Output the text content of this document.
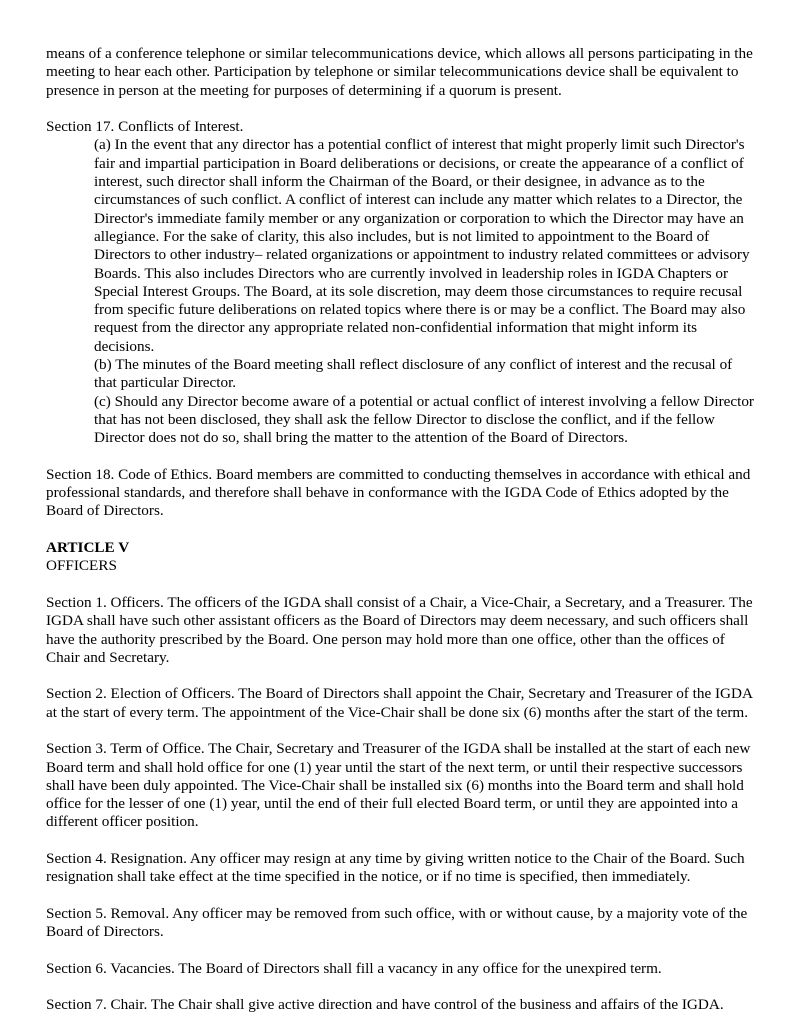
means of a conference telephone or similar telecommunications device, which allows all persons participating in the meeting to hear each other. Participation by telephone or similar telecommunications device shall be equivalent to presence in person at the meeting for purposes of determining if a quorum is present.

Section 17. Conflicts of Interest.

(a) In the event that any director has a potential conflict of interest that might properly limit such Director's fair and impartial participation in Board deliberations or decisions, or create the appearance of a conflict of interest, such director shall inform the Chairman of the Board, or their designee, in advance as to the circumstances of such conflict. A conflict of interest can include any matter which relates to a Director, the Director's immediate family member or any organization or corporation to which the Director may have an allegiance. For the sake of clarity, this also includes, but is not limited to appointment to the Board of Directors to other industry– related organizations or appointment to industry related committees or advisory Boards. This also includes Directors who are currently involved in leadership roles in IGDA Chapters or Special Interest Groups. The Board, at its sole discretion, may deem those circumstances to require recusal from specific future deliberations on related topics where there is or may be a conflict. The Board may also request from the director any appropriate related non-confidential information that might inform its decisions.

(b) The minutes of the Board meeting shall reflect disclosure of any conflict of interest and the recusal of that particular Director.

(c) Should any Director become aware of a potential or actual conflict of interest involving a fellow Director that has not been disclosed, they shall ask the fellow Director to disclose the conflict, and if the fellow Director does not do so, shall bring the matter to the attention of the Board of Directors.

Section 18. Code of Ethics. Board members are committed to conducting themselves in accordance with ethical and professional standards, and therefore shall behave in conformance with the IGDA Code of Ethics adopted by the Board of Directors.

ARTICLE V

OFFICERS

Section 1. Officers. The officers of the IGDA shall consist of a Chair, a Vice-Chair, a Secretary, and a Treasurer. The IGDA shall have such other assistant officers as the Board of Directors may deem necessary, and such officers shall have the authority prescribed by the Board. One person may hold more than one office, other than the offices of Chair and Secretary.

Section 2. Election of Officers. The Board of Directors shall appoint the Chair, Secretary and Treasurer of the IGDA at the start of every term. The appointment of the Vice-Chair shall be done six (6) months after the start of the term.

Section 3. Term of Office. The Chair, Secretary and Treasurer of the IGDA shall be installed at the start of each new Board term and shall hold office for one (1) year until the start of the next term, or until their respective successors shall have been duly appointed. The Vice-Chair shall be installed six (6) months into the Board term and shall hold office for the lesser of one (1) year, until the end of their full elected Board term, or until they are appointed into a different officer position.

Section 4. Resignation. Any officer may resign at any time by giving written notice to the Chair of the Board. Such resignation shall take effect at the time specified in the notice, or if no time is specified, then immediately.

Section 5. Removal. Any officer may be removed from such office, with or without cause, by a majority vote of the Board of Directors.

Section 6. Vacancies. The Board of Directors shall fill a vacancy in any office for the unexpired term.

Section 7. Chair. The Chair shall give active direction and have control of the business and affairs of the IGDA.
